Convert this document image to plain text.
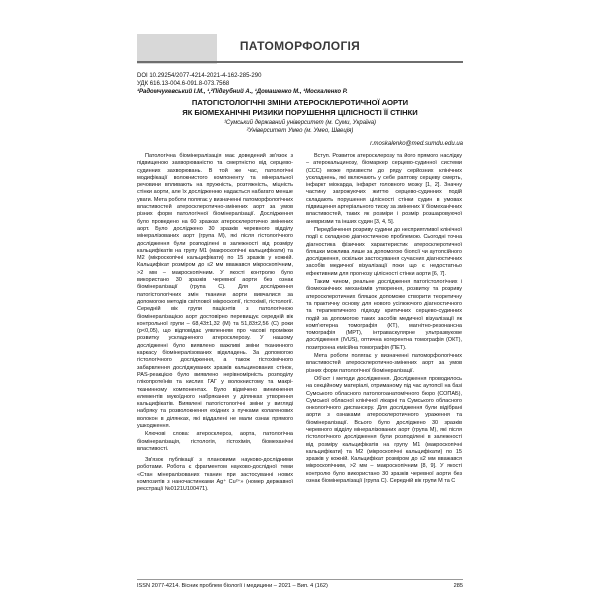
ПАТОМОРФОЛОГІЯ
DOI 10.29254/2077-4214-2021-4-162-285-290
УДК 616.13-004.6-091.8-073.7568
¹Радомчукевський І.М., ¹,²Підгубний А., ¹Домашенко М., ¹Москаленко Р.
ПАТОГІСТОЛОГІЧНІ ЗМІНИ АТЕРОСКЛЕРОТИЧНОЇ АОРТИ
ЯК БІОМЕХАНІЧНІ РИЗИКИ ПОРУШЕННЯ ЦІЛІСНОСТІ ЇЇ СТІНКИ
¹Сумський державний університет (м. Суми, Україна)
²Університет Умео (м. Умео, Швеція)
r.moskalenko@med.sumdu.edu.ua

Патологічна біомінералізація має доведений зв'язок з підвищеною захворюваністю та смертністю від серцево-судинних захворювань. В той же час, патологічні модифікації волокнистого компоненту та мінеральної речовини впливають на пружність, розтяжність, міцність стінки аорти, але їх дослідженню надається набагато менше уваги. Мета роботи полягає у визначенні патоморфологічних властивостей атеросклеротично-змінених аорт за умов різних форм патологічної біомінералізації. Дослідження було проведено на 60 зразках атеросклеротично змінених аорт. Було досліджено 30 зразків черевного відділу мінералізованих аорт (група М), які після гістологічного дослідження були розподілені в залежності від розміру кальцифікатів на групу М1 (макроскопічні кальцифікати) та М2 (мікроскопічні кальцифікати) по 15 зразків у кожній. Кальцифікат розміром до ≤2 мм вважався мікроскопічним, >2 мм – макроскопічним. У якості контролю було використано 30 зразків черевної аорти без ознак біомінералізації (група С). Для дослідження патогістологічних змін тканини аорти вивчалися за допомогою методів світлової мікроскопії, гістохімії, гістології. Середній вік групи пацієнтів з патологічною біомінералізацією аорт достовірно перевищує середній вік контрольної групи – 68,43±1,32 (М) та 51,83±2,56 (С) роки (р<0,05), що відповідає уявленням про часові проміжки розвитку ускладненого атеросклерозу. У нашому дослідженні було виявлено важливі зміни тканинного каркасу біомінералізованих відкладень. За допомогою гістологічного дослідження, а також гістохімічного забарвлення досліджуваних зразків кальцинованих стінок, РАS-реакцією було виявлено нерівномірність розподілу глікопротеїнів та кислих ГАГ у волокнистому та макрі-тканинному компонентах. Було відмічено виникнення елементів мукоїдного набрякання у ділянках утворення кальцифікатів. Виявлені патогістологічні зміни у вигляді набряку та розволокнення ехідних з пучками колагенових волокон в ділянках, які віддалені не мали ознак прямого ушкодження.

Ключові слова: атеросклероз, аорта, патологічна біомінералізація, гістологія, гістохімія, біомеханічні властивості.

Зв'язок публікації з плановими науково-дослідними роботами. Робота є фрагментом науково-дослідної теми «Стан мінералізованих тканин при застосуванні нових композитів з наночастинками Ag⁺ Cu²⁺» (номер державної реєстрації №0121U100471).

Вступ. Розвиток атеросклерозу та його прямого наслідку – атерокальцинозу, біомаркер серцево-судинної системи (ССС) може призвести до ряду серйозних клінічних ускладнень, які включають у себе раптову серцеву смерть, інфаркт міокарда, інфаркт головного мозку [1, 2]. Значну частину загрожуючих життю серцево-судинних подій складають порушення цілісності стінки судин в умовах підвищення артеріального тиску за змінених її біомеханічних властивостей, таких як розміри і розмір розшаровуючої аневризми та інших судин [3, 4, 5].

Передбачення розриву судини до несприятливої клінічної події є складною діагностичною проблемою. Сьогодні точна діагностика фізичних характеристик атеросклеротичної бляшки можлива лише за допомогою біопсії чи аутопсійного дослідження, оскільки застосування сучасних діагностичних засобів медичної візуалізації поки що є недостатньо ефективним для прогнозу цілісності стінки аорти [6, 7].

Таким чином, реальне дослідження патогістологічних і біомеханічних механізмів утворення, розвитку та розриву атеросклеротичних бляшок допоможе створити теоретичну та практичну основу для нового усілюючого діагностичного та терапевтичного підходу критичних серцево-судинних подій за допомогою таких засобів медичної візуалізації як комп'ютерна томографія (КТ), магнітно-резонансна томографія (МРТ), інтраваскулярне ультразвукове дослідження (IVUS), оптична когерентна томографія (ОКТ), позитронна емісійна томографія (ПЕТ).

Мета роботи полягає у визначенні патоморфологічних властивостей атеросклеротично-змінених аорт за умов різних форм патологічної біомінералізації.

Об'єкт і методи дослідження. Дослідження проводилось на секційному матеріалі, отриманому під час аутопсії на базі Сумського обласного патологоанатомічного бюро (СОПАБ), Сумської обласної клінічної лікарні та Сумського обласного онкологічного диспансеру. Для дослідження були відібрані аорти з ознаками атеросклеротичного ураження та біомінералізації. Всього було досліджено 30 зразків черевного відділу мінералізованих аорт (група М), які після гістологічного дослідження були розподілені в залежності від розміру кальцифікатів на групу М1 (макроскопічні кальцифікати) та М2 (мікроскопічні кальцифікати) по 15 зразків у кожній. Кальцифікат розміром до ≤2 мм вважався мікроскопічним, >2 мм – макроскопічним [8, 9]. У якості контролю було використано 30 зразків черевної аорти без ознак біомінералізації (група С). Середній вік групи М та С

ISSN 2077-4214. Вісник проблем біології і медицини – 2021 – Вип. 4 (162)	285
